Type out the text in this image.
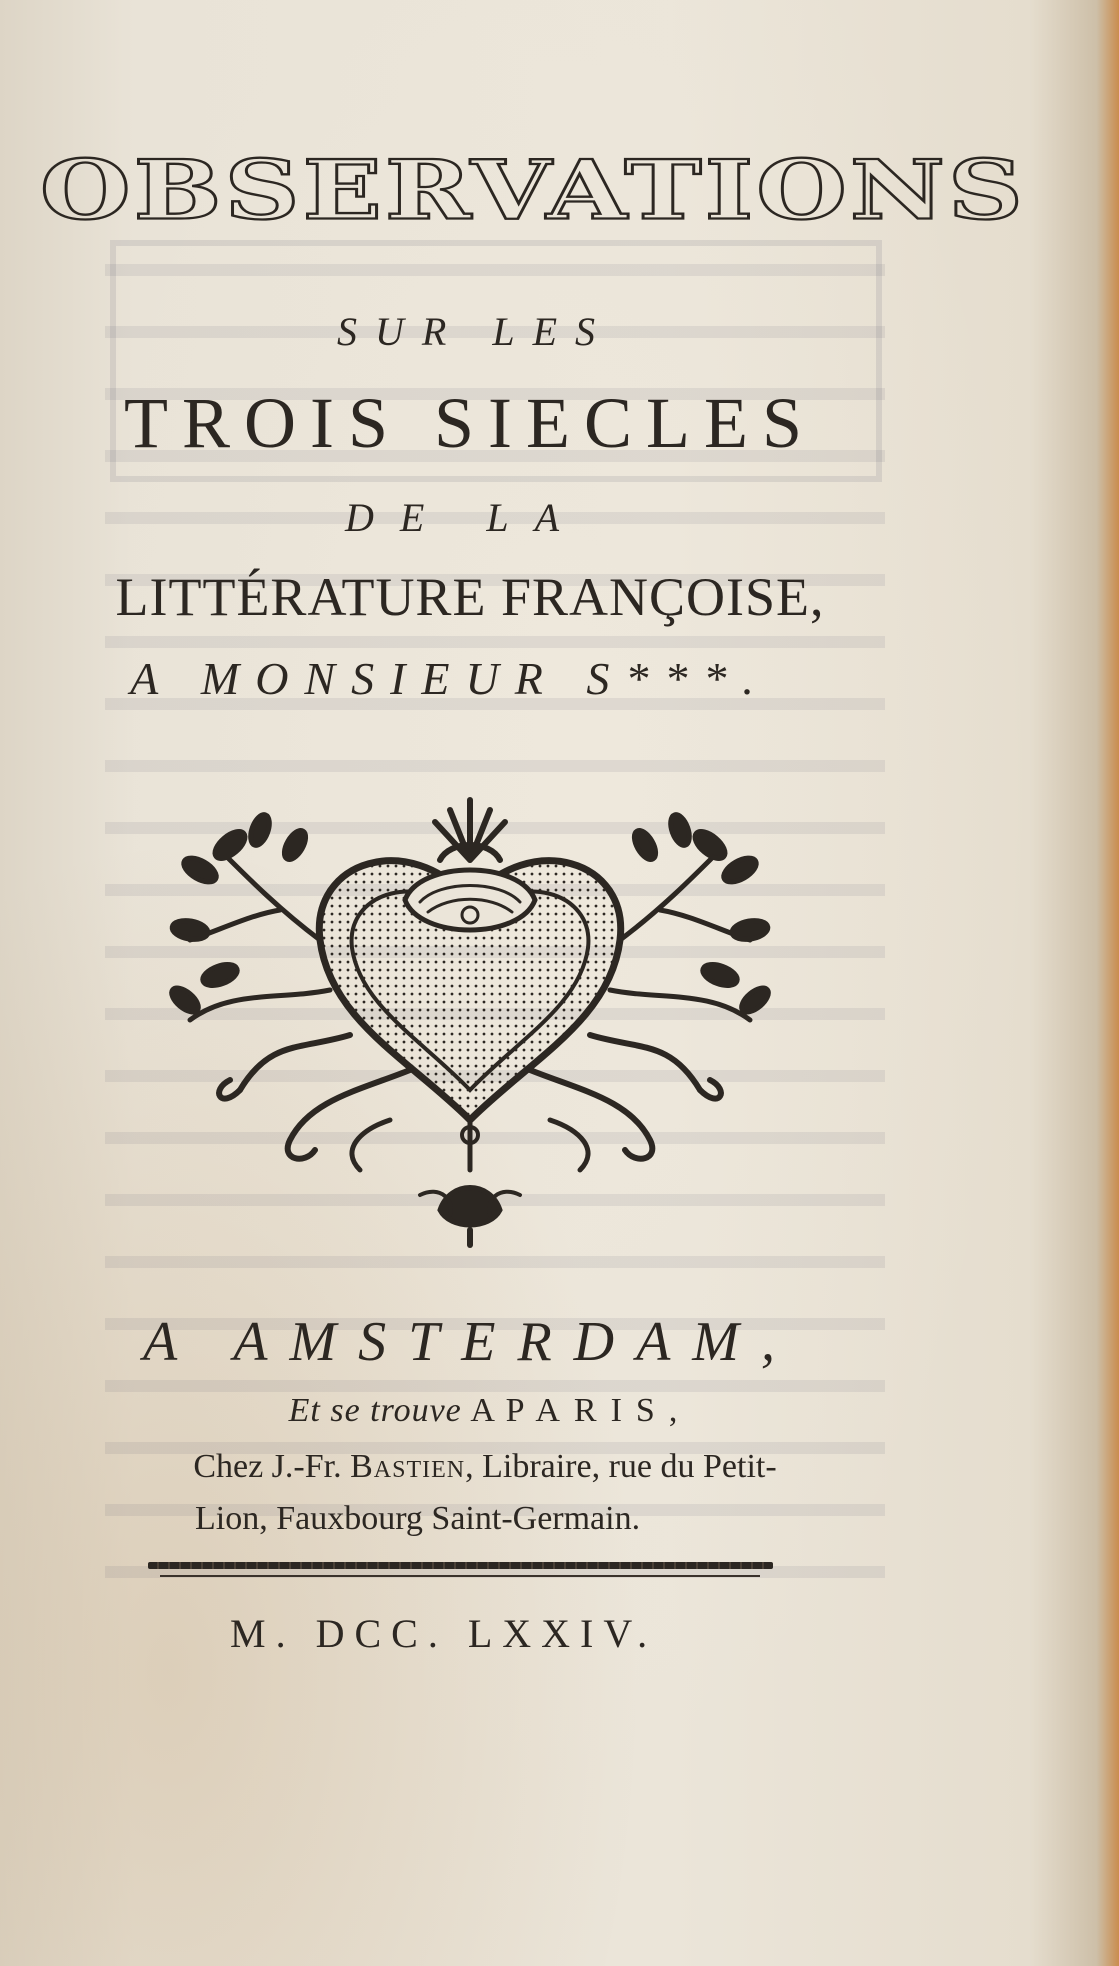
OBSERVATIONS

SUR LES

TROIS SIECLES

DE LA

LITTÉRATURE FRANÇOISE,

A MONSIEUR S***.

A AMSTERDAM,

Et se trouve A PARIS,

Chez J.-Fr. Bastien, Libraire, rue du Petit-

Lion, Fauxbourg Saint-Germain.

M. DCC. LXXIV.
